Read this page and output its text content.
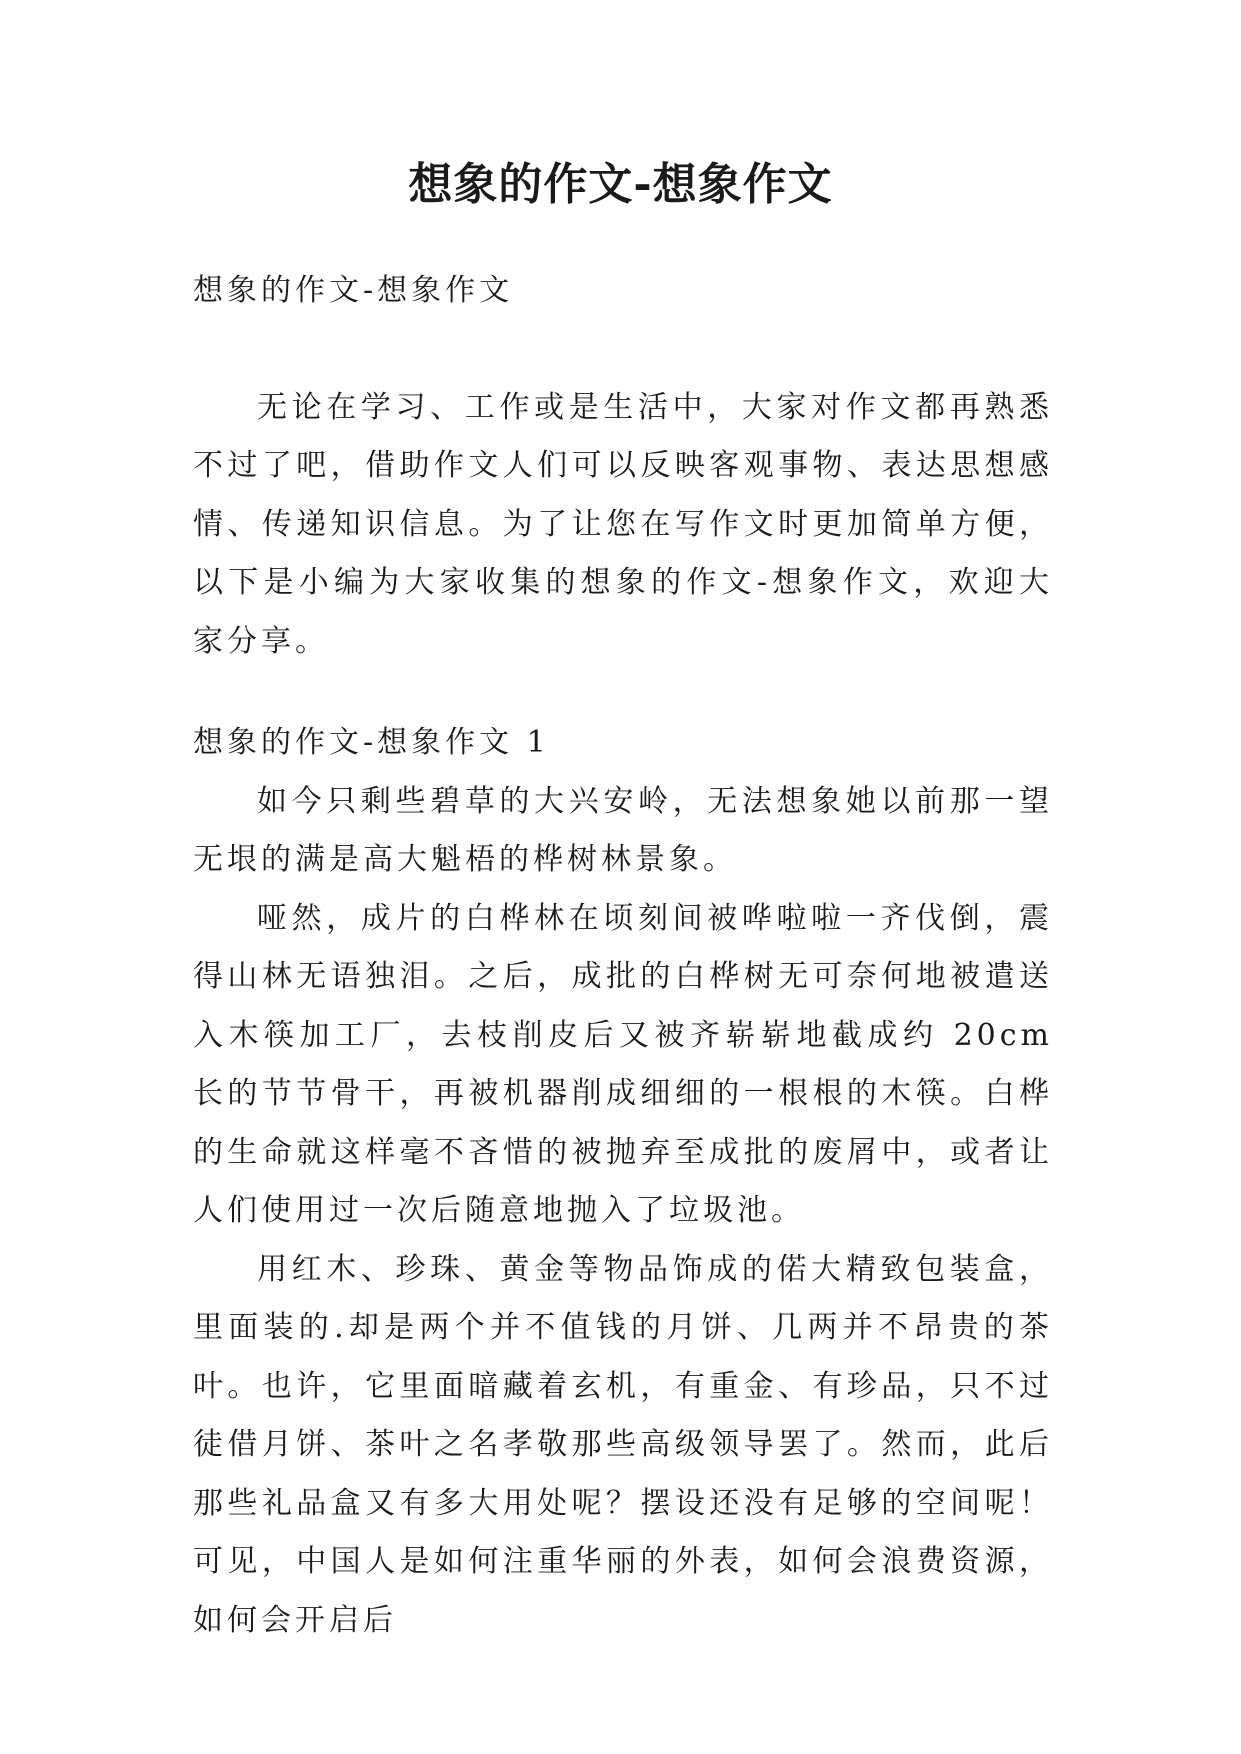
想象的作文-想象作文

想象的作文-想象作文

无论在学习、工作或是生活中，大家对作文都再熟悉不过了吧，借助作文人们可以反映客观事物、表达思想感情、传递知识信息。为了让您在写作文时更加简单方便，以下是小编为大家收集的想象的作文-想象作文，欢迎大家分享。

想象的作文-想象作文 1

如今只剩些碧草的大兴安岭，无法想象她以前那一望无垠的满是高大魁梧的桦树林景象。

哑然，成片的白桦林在顷刻间被哗啦啦一齐伐倒，震得山林无语独泪。之后，成批的白桦树无可奈何地被遣送入木筷加工厂，去枝削皮后又被齐崭崭地截成约 20cm 长的节节骨干，再被机器削成细细的一根根的木筷。白桦的生命就这样毫不吝惜的被抛弃至成批的废屑中，或者让人们使用过一次后随意地抛入了垃圾池。

用红木、珍珠、黄金等物品饰成的偌大精致包装盒，里面装的.却是两个并不值钱的月饼、几两并不昂贵的茶叶。也许，它里面暗藏着玄机，有重金、有珍品，只不过徒借月饼、茶叶之名孝敬那些高级领导罢了。然而，此后那些礼品盒又有多大用处呢？摆设还没有足够的空间呢！可见，中国人是如何注重华丽的外表，如何会浪费资源，如何会开启后
